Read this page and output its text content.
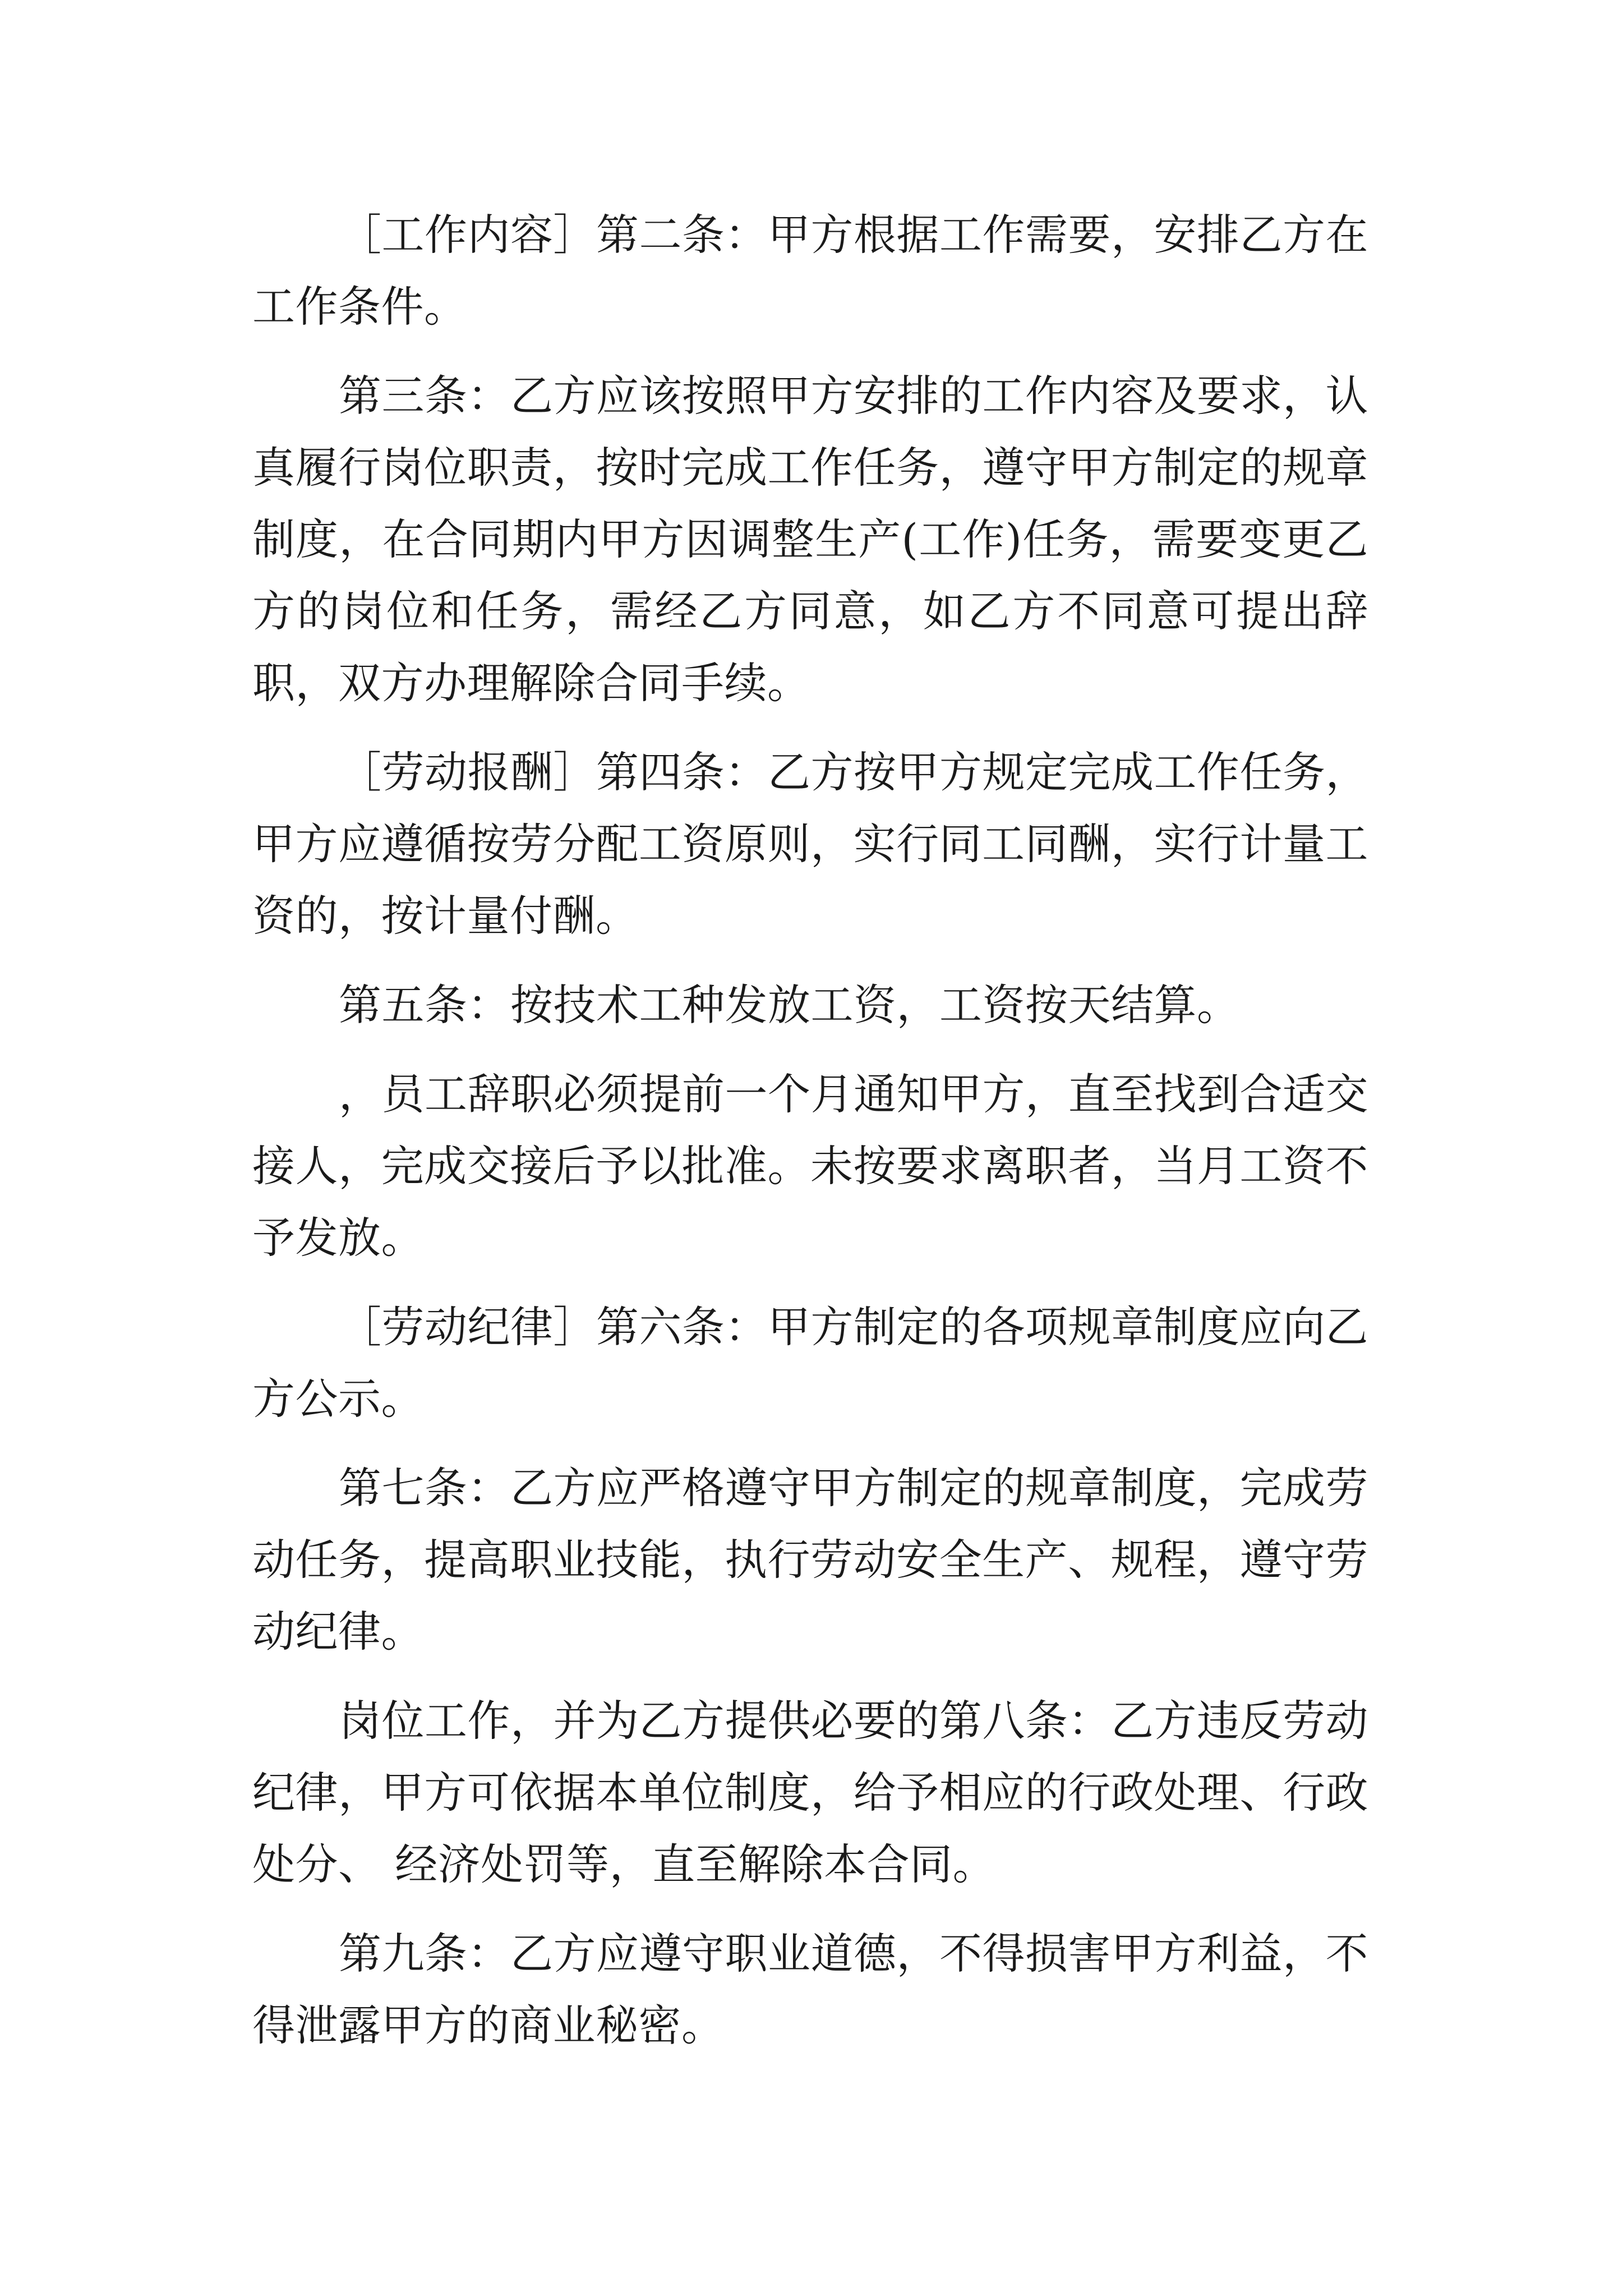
［工作内容］第二条：甲方根据工作需要，安排乙方在工作条件。

第三条：乙方应该按照甲方安排的工作内容及要求，认真履行岗位职责，按时完成工作任务，遵守甲方制定的规章制度，在合同期内甲方因调整生产(工作)任务，需要变更乙方的岗位和任务，需经乙方同意，如乙方不同意可提出辞职，双方办理解除合同手续。

［劳动报酬］第四条：乙方按甲方规定完成工作任务，甲方应遵循按劳分配工资原则，实行同工同酬，实行计量工资的，按计量付酬。

第五条：按技术工种发放工资，工资按天结算。

，员工辞职必须提前一个月通知甲方，直至找到合适交接人，完成交接后予以批准。未按要求离职者，当月工资不予发放。

［劳动纪律］第六条：甲方制定的各项规章制度应向乙方公示。

第七条：乙方应严格遵守甲方制定的规章制度，完成劳动任务，提高职业技能，执行劳动安全生产、规程，遵守劳动纪律。

岗位工作，并为乙方提供必要的第八条：乙方违反劳动纪律，甲方可依据本单位制度，给予相应的行政处理、行政处分、 经济处罚等，直至解除本合同。

第九条：乙方应遵守职业道德，不得损害甲方利益，不得泄露甲方的商业秘密。
